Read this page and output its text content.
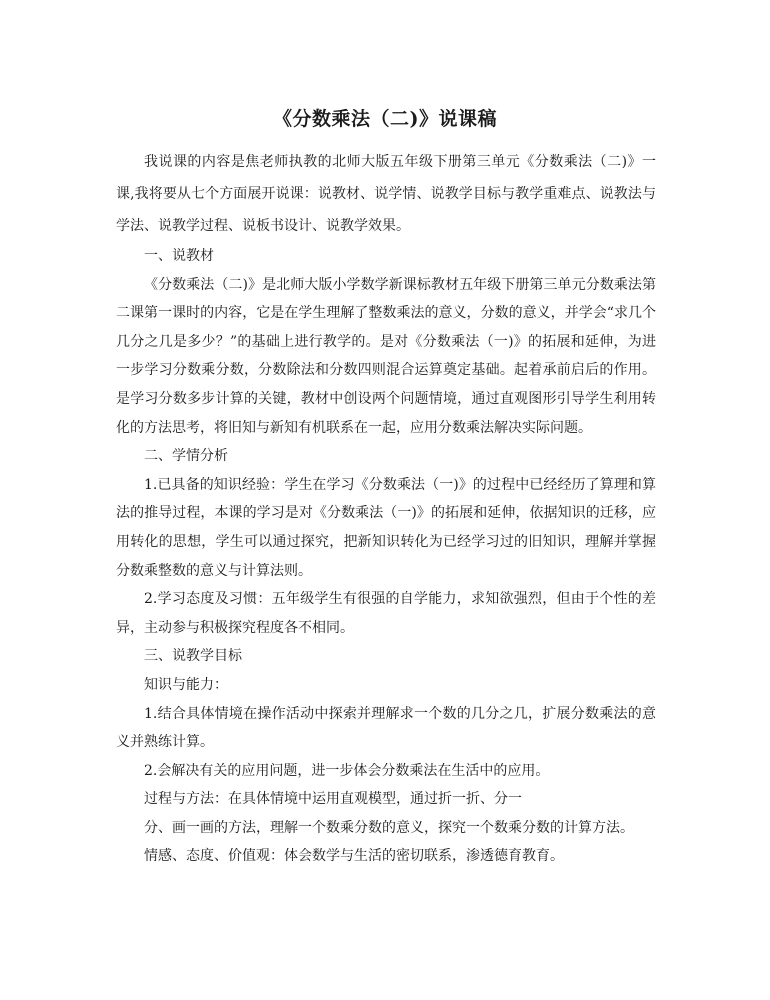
《分数乘法（二)》说课稿

我说课的内容是焦老师执教的北师大版五年级下册第三单元《分数乘法（二)》一课,我将要从七个方面展开说课：说教材、说学情、说教学目标与教学重难点、说教法与学法、说教学过程、说板书设计、说教学效果。

一、说教材

《分数乘法（二)》是北师大版小学数学新课标教材五年级下册第三单元分数乘法第二课第一课时的内容，它是在学生理解了整数乘法的意义，分数的意义，并学会“求几个几分之几是多少？”的基础上进行教学的。是对《分数乘法（一)》的拓展和延伸，为进一步学习分数乘分数，分数除法和分数四则混合运算奠定基础。起着承前启后的作用。是学习分数多步计算的关键，教材中创设两个问题情境，通过直观图形引导学生利用转化的方法思考，将旧知与新知有机联系在一起，应用分数乘法解决实际问题。

二、学情分析

1.已具备的知识经验：学生在学习《分数乘法（一)》的过程中已经经历了算理和算法的推导过程，本课的学习是对《分数乘法（一)》的拓展和延伸，依据知识的迁移，应用转化的思想，学生可以通过探究，把新知识转化为已经学习过的旧知识，理解并掌握分数乘整数的意义与计算法则。

2.学习态度及习惯：五年级学生有很强的自学能力，求知欲强烈，但由于个性的差异，主动参与积极探究程度各不相同。

三、说教学目标

知识与能力：

1.结合具体情境在操作活动中探索并理解求一个数的几分之几，扩展分数乘法的意义并熟练计算。

2.会解决有关的应用问题，进一步体会分数乘法在生活中的应用。

过程与方法：在具体情境中运用直观模型，通过折一折、分一

分、画一画的方法，理解一个数乘分数的意义，探究一个数乘分数的计算方法。

情感、态度、价值观：体会数学与生活的密切联系，渗透德育教育。
